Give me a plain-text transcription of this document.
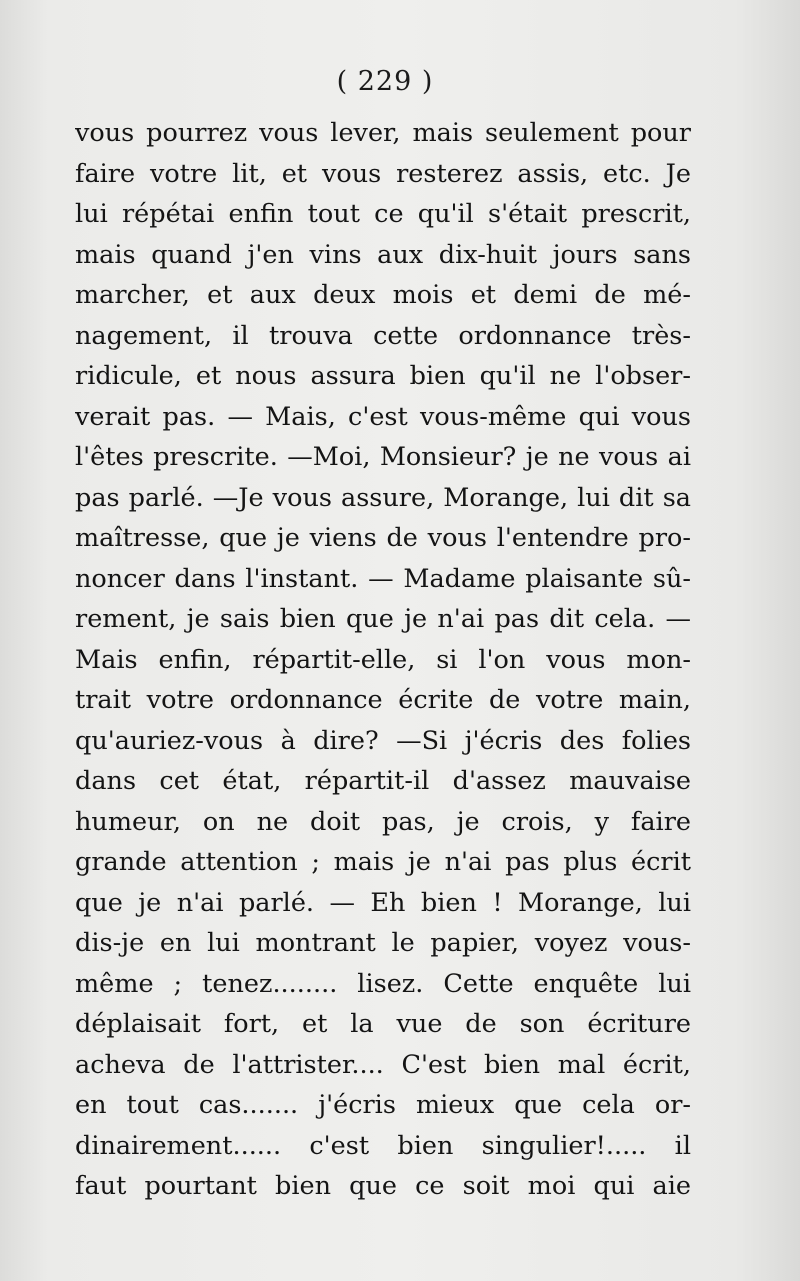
( 229 )
vous pourrez vous lever, mais seulement pour
faire votre lit, et vous resterez assis, etc. Je
lui répétai enfin tout ce qu'il s'était prescrit,
mais quand j'en vins aux dix-huit jours sans
marcher, et aux deux mois et demi de mé-
nagement, il trouva cette ordonnance très-
ridicule, et nous assura bien qu'il ne l'obser-
verait pas. — Mais, c'est vous-même qui vous
l'êtes prescrite. —Moi, Monsieur? je ne vous ai
pas parlé. —Je vous assure, Morange, lui dit sa
maîtresse, que je viens de vous l'entendre pro-
noncer dans l'instant. — Madame plaisante sû-
rement, je sais bien que je n'ai pas dit cela. —
Mais enfin, répartit-elle, si l'on vous mon-
trait votre ordonnance écrite de votre main,
qu'auriez-vous à dire? —Si j'écris des folies
dans cet état, répartit-il d'assez mauvaise
humeur, on ne doit pas, je crois, y faire
grande attention ; mais je n'ai pas plus écrit
que je n'ai parlé. — Eh bien ! Morange, lui
dis-je en lui montrant le papier, voyez vous-
même ; tenez........ lisez. Cette enquête lui
déplaisait fort, et la vue de son écriture
acheva de l'attrister.... C'est bien mal écrit,
en tout cas....... j'écris mieux que cela or-
dinairement...... c'est bien singulier!..... il
faut pourtant bien que ce soit moi qui aie
